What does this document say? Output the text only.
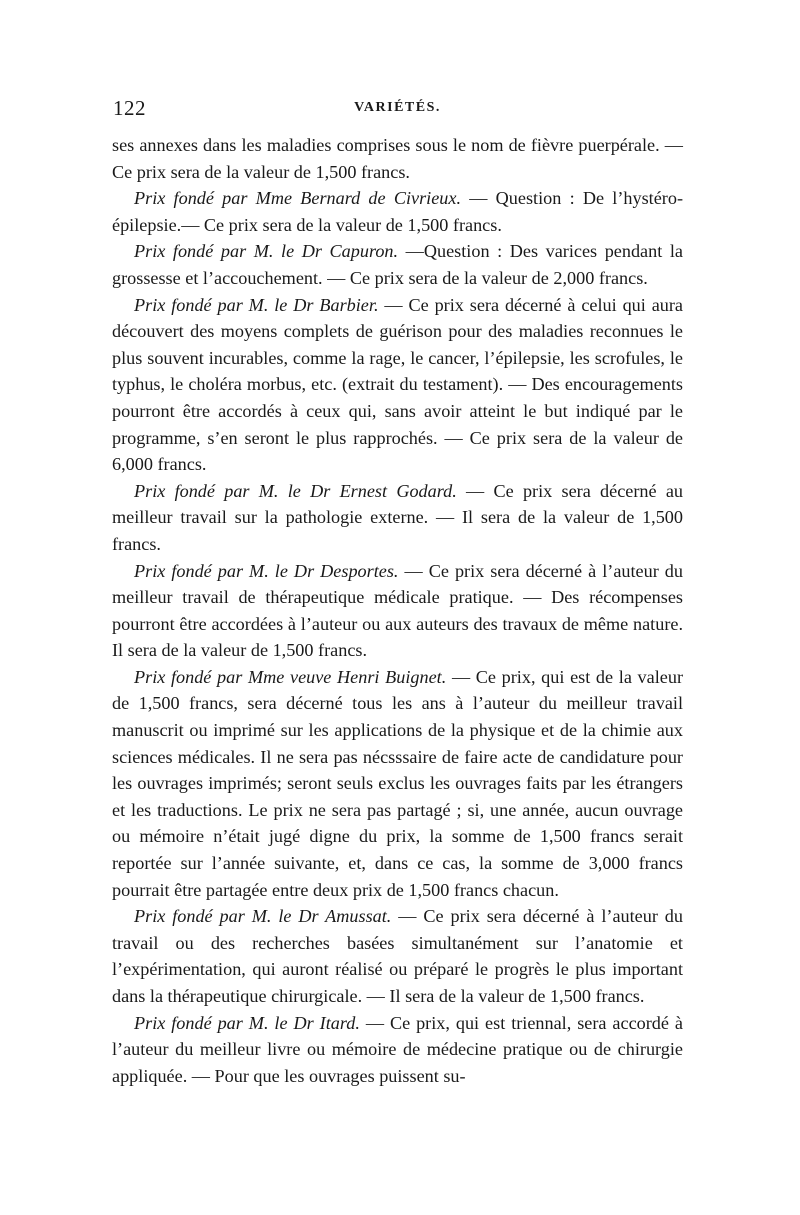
122	VARIÉTÉS.

ses annexes dans les maladies comprises sous le nom de fièvre puerpérale. — Ce prix sera de la valeur de 1,500 francs.

Prix fondé par Mme Bernard de Civrieux. — Question : De l’hystéro-épilepsie.— Ce prix sera de la valeur de 1,500 francs.

Prix fondé par M. le Dr Capuron. —Question : Des varices pendant la grossesse et l’accouchement. — Ce prix sera de la valeur de 2,000 francs.

Prix fondé par M. le Dr Barbier. — Ce prix sera décerné à celui qui aura découvert des moyens complets de guérison pour des maladies reconnues le plus souvent incurables, comme la rage, le cancer, l’épilepsie, les scrofules, le typhus, le choléra morbus, etc. (extrait du testament). — Des encouragements pourront être accordés à ceux qui, sans avoir atteint le but indiqué par le programme, s’en seront le plus rapprochés. — Ce prix sera de la valeur de 6,000 francs.

Prix fondé par M. le Dr Ernest Godard. — Ce prix sera décerné au meilleur travail sur la pathologie externe. — Il sera de la valeur de 1,500 francs.

Prix fondé par M. le Dr Desportes. — Ce prix sera décerné à l’auteur du meilleur travail de thérapeutique médicale pratique. — Des récompenses pourront être accordées à l’auteur ou aux auteurs des travaux de même nature. Il sera de la valeur de 1,500 francs.

Prix fondé par Mme veuve Henri Buignet. — Ce prix, qui est de la valeur de 1,500 francs, sera décerné tous les ans à l’auteur du meilleur travail manuscrit ou imprimé sur les applications de la physique et de la chimie aux sciences médicales. Il ne sera pas nécsssaire de faire acte de candidature pour les ouvrages imprimés; seront seuls exclus les ouvrages faits par les étrangers et les traductions. Le prix ne sera pas partagé ; si, une année, aucun ouvrage ou mémoire n’était jugé digne du prix, la somme de 1,500 francs serait reportée sur l’année suivante, et, dans ce cas, la somme de 3,000 francs pourrait être partagée entre deux prix de 1,500 francs chacun.

Prix fondé par M. le Dr Amussat. — Ce prix sera décerné à l’auteur du travail ou des recherches basées simultanément sur l’anatomie et l’expérimentation, qui auront réalisé ou préparé le progrès le plus important dans la thérapeutique chirurgicale. — Il sera de la valeur de 1,500 francs.

Prix fondé par M. le Dr Itard. — Ce prix, qui est triennal, sera accordé à l’auteur du meilleur livre ou mémoire de médecine pratique ou de chirurgie appliquée. — Pour que les ouvrages puissent su-
